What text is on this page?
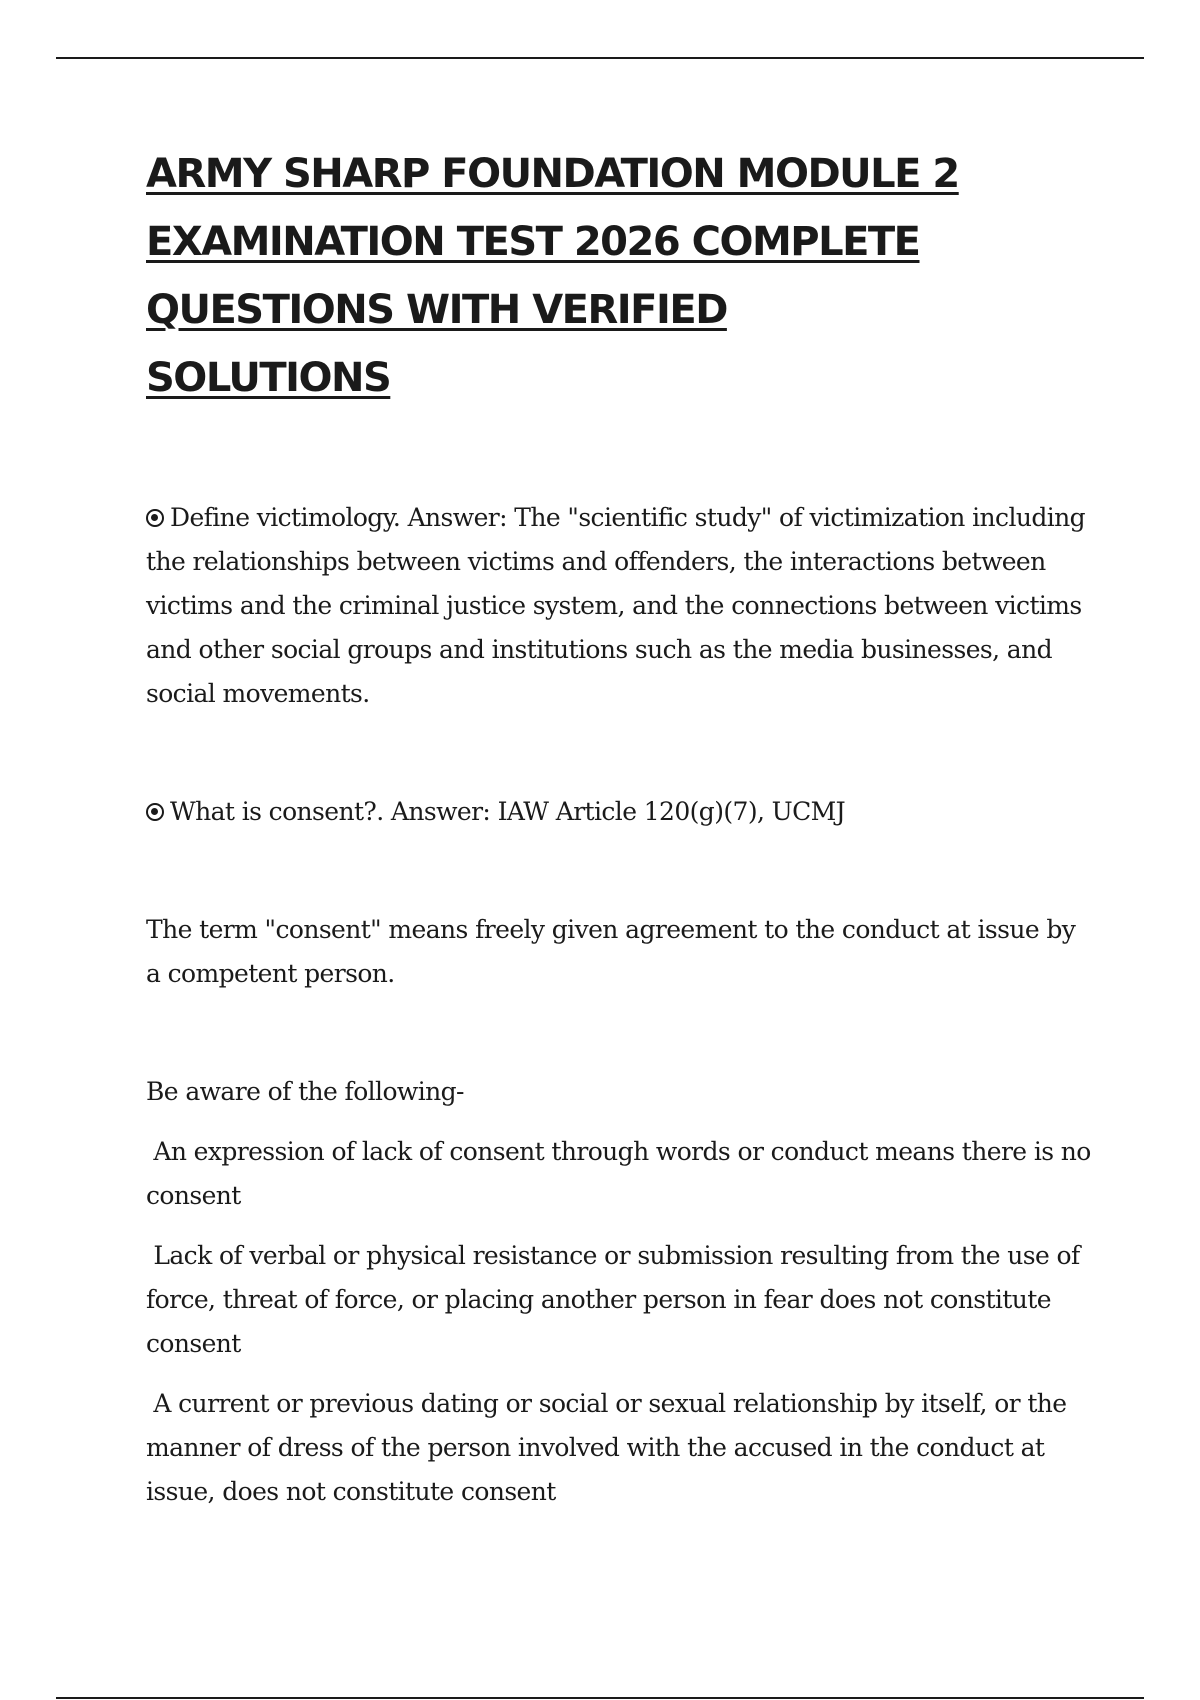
ARMY SHARP FOUNDATION MODULE 2 EXAMINATION TEST 2026 COMPLETE QUESTIONS WITH VERIFIED SOLUTIONS

Define victimology. Answer: The "scientific study" of victimization including the relationships between victims and offenders, the interactions between victims and the criminal justice system, and the connections between victims and other social groups and institutions such as the media businesses, and social movements.

What is consent?. Answer: IAW Article 120(g)(7), UCMJ

The term "consent" means freely given agreement to the conduct at issue by a competent person.

Be aware of the following-

An expression of lack of consent through words or conduct means there is no consent

Lack of verbal or physical resistance or submission resulting from the use of force, threat of force, or placing another person in fear does not constitute consent

A current or previous dating or social or sexual relationship by itself, or the manner of dress of the person involved with the accused in the conduct at issue, does not constitute consent
